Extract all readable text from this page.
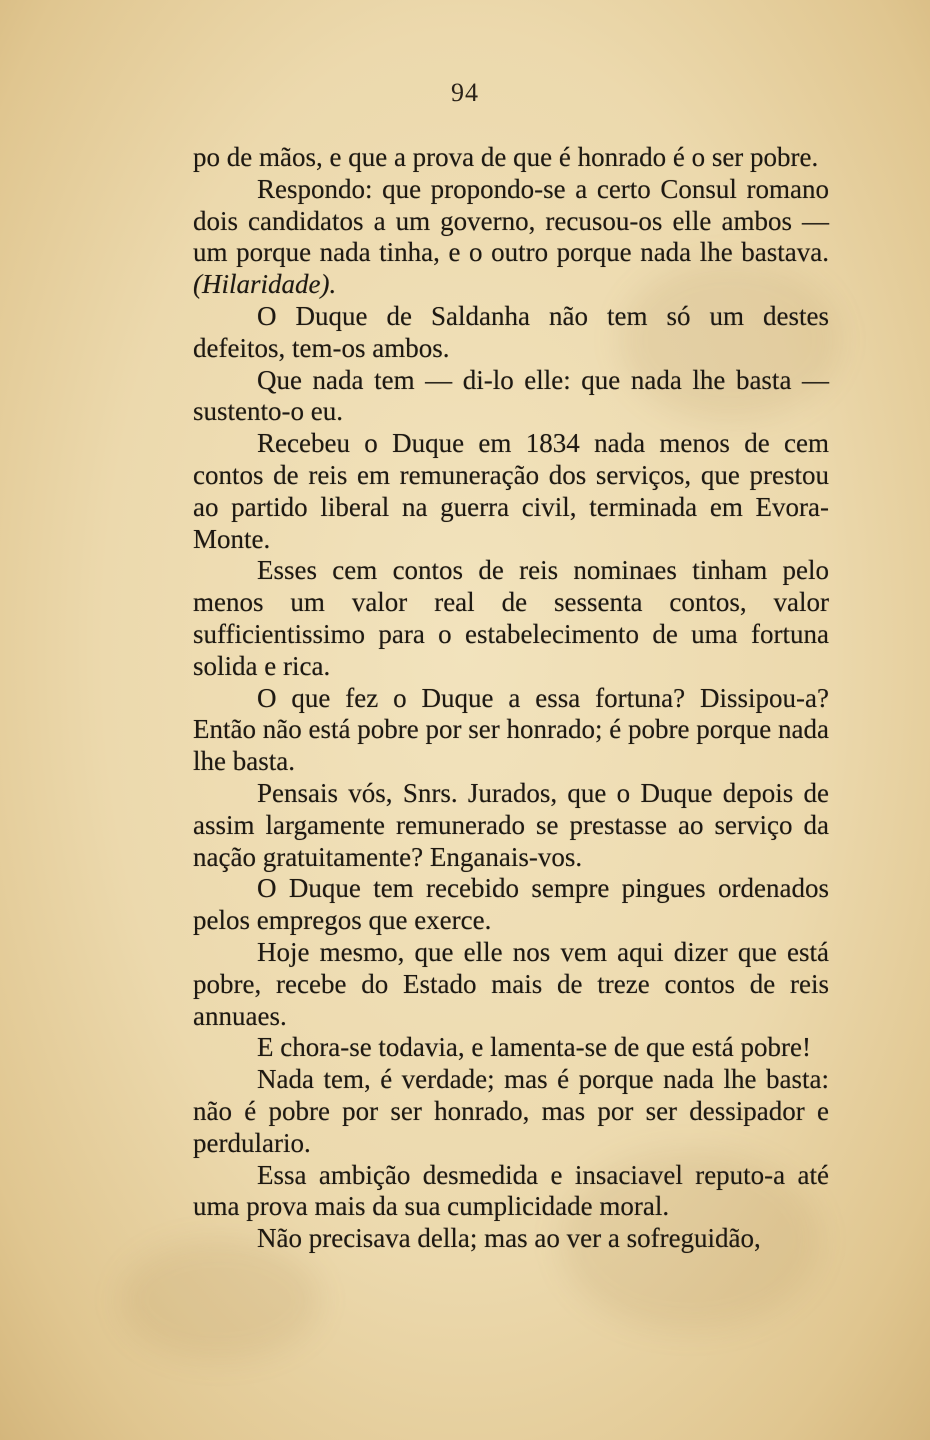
94

po de mãos, e que a prova de que é honrado é o ser pobre.

Respondo: que propondo-se a certo Consul romano dois candidatos a um governo, recusou-os elle ambos — um porque nada tinha, e o outro porque nada lhe bastava. (Hilaridade).

O Duque de Saldanha não tem só um destes defeitos, tem-os ambos.

Que nada tem — di-lo elle: que nada lhe basta — sustento-o eu.

Recebeu o Duque em 1834 nada menos de cem contos de reis em remuneração dos serviços, que prestou ao partido liberal na guerra civil, terminada em Evora-Monte.

Esses cem contos de reis nominaes tinham pelo menos um valor real de sessenta contos, valor sufficientissimo para o estabelecimento de uma fortuna solida e rica.

O que fez o Duque a essa fortuna? Dissipou-a? Então não está pobre por ser honrado; é pobre porque nada lhe basta.

Pensais vós, Snrs. Jurados, que o Duque depois de assim largamente remunerado se prestasse ao serviço da nação gratuitamente? Enganais-vos.

O Duque tem recebido sempre pingues ordenados pelos empregos que exerce.

Hoje mesmo, que elle nos vem aqui dizer que está pobre, recebe do Estado mais de treze contos de reis annuaes.

E chora-se todavia, e lamenta-se de que está pobre!

Nada tem, é verdade; mas é porque nada lhe basta: não é pobre por ser honrado, mas por ser dessipador e perdulario.

Essa ambição desmedida e insaciavel reputo-a até uma prova mais da sua cumplicidade moral.

Não precisava della; mas ao ver a sofreguidão,
